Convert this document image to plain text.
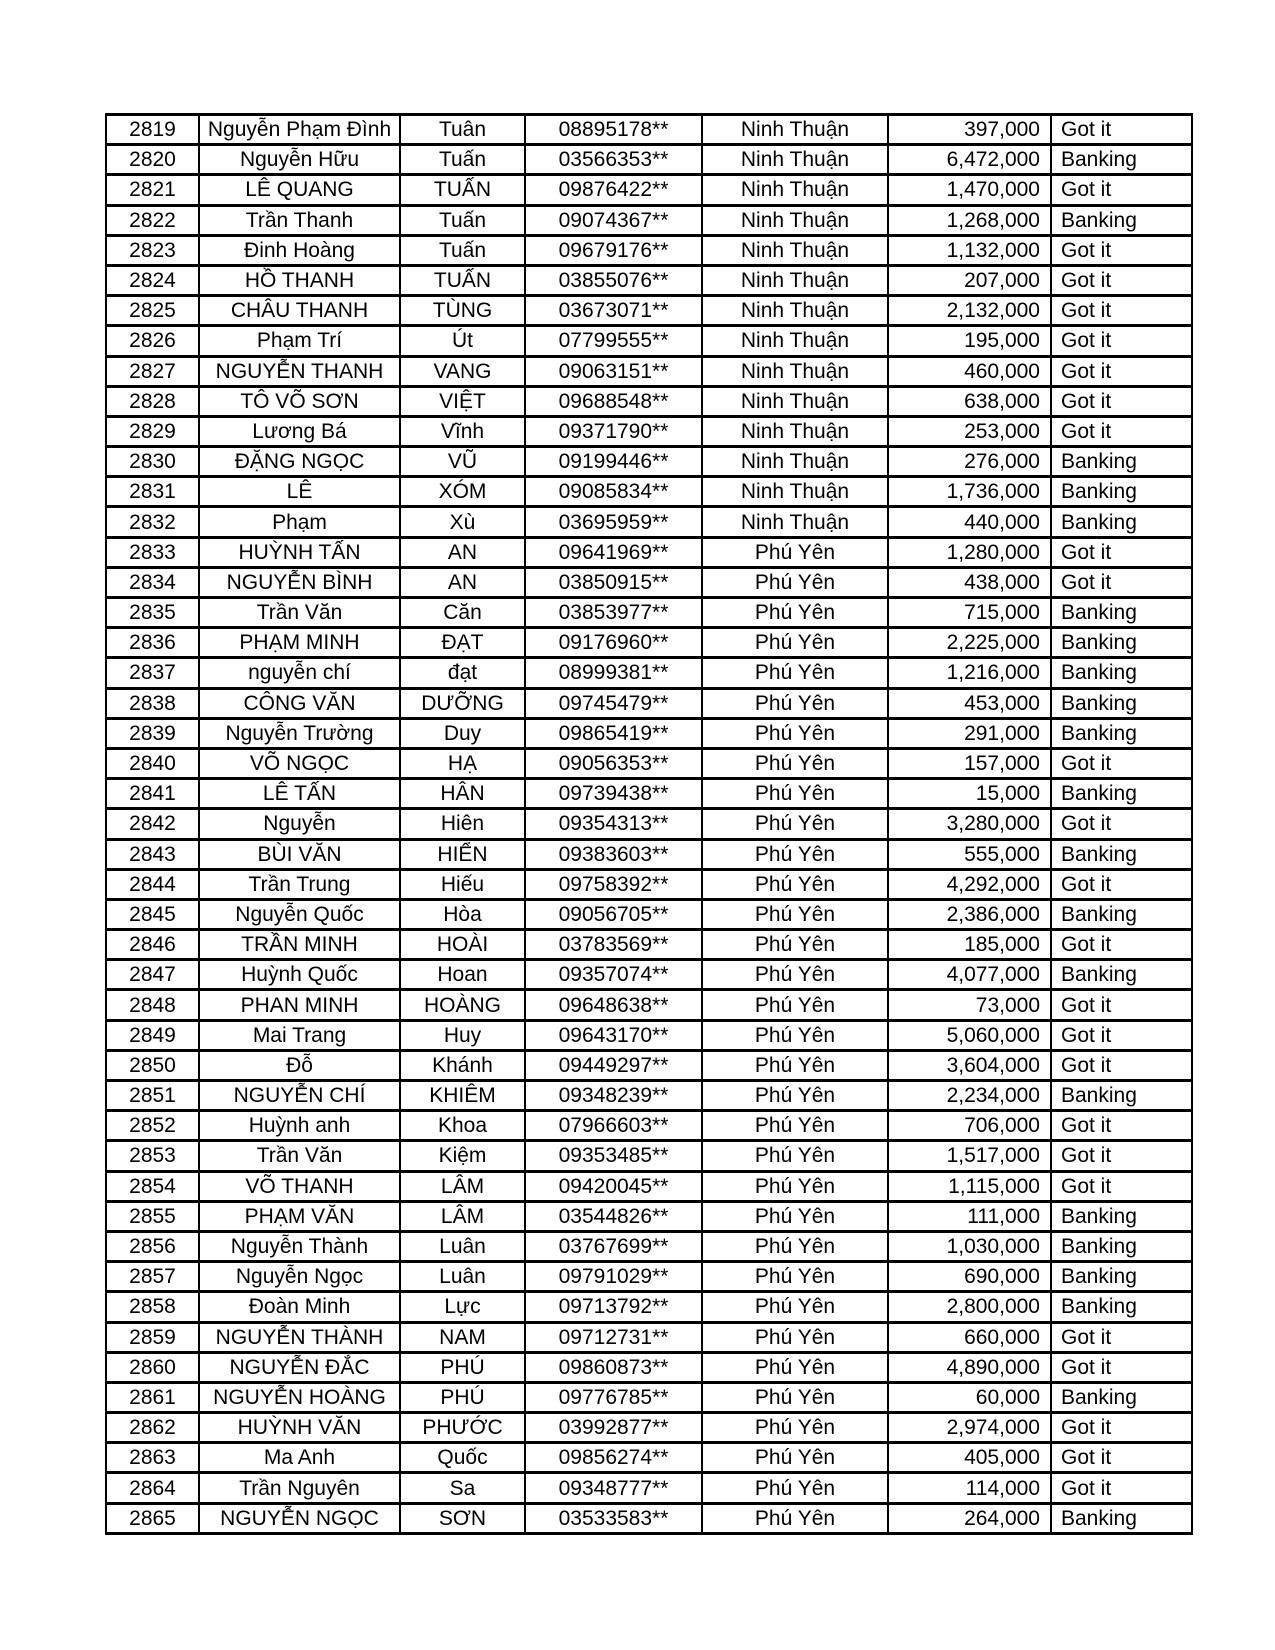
2819	Nguyễn Phạm Đình	Tuân	08895178**	Ninh Thuận	397,000	Got it
2820	Nguyễn Hữu	Tuấn	03566353**	Ninh Thuận	6,472,000	Banking
2821	LÊ QUANG	TUẤN	09876422**	Ninh Thuận	1,470,000	Got it
2822	Trần Thanh	Tuấn	09074367**	Ninh Thuận	1,268,000	Banking
2823	Đinh Hoàng	Tuấn	09679176**	Ninh Thuận	1,132,000	Got it
2824	HỒ THANH	TUẤN	03855076**	Ninh Thuận	207,000	Got it
2825	CHÂU THANH	TÙNG	03673071**	Ninh Thuận	2,132,000	Got it
2826	Phạm Trí	Út	07799555**	Ninh Thuận	195,000	Got it
2827	NGUYỄN THANH	VANG	09063151**	Ninh Thuận	460,000	Got it
2828	TÔ VÕ SƠN	VIỆT	09688548**	Ninh Thuận	638,000	Got it
2829	Lương Bá	Vĩnh	09371790**	Ninh Thuận	253,000	Got it
2830	ĐẶNG NGỌC	VŨ	09199446**	Ninh Thuận	276,000	Banking
2831	LÊ	XÓM	09085834**	Ninh Thuận	1,736,000	Banking
2832	Phạm	Xù	03695959**	Ninh Thuận	440,000	Banking
2833	HUỲNH TẤN	AN	09641969**	Phú Yên	1,280,000	Got it
2834	NGUYỄN BÌNH	AN	03850915**	Phú Yên	438,000	Got it
2835	Trần Văn	Căn	03853977**	Phú Yên	715,000	Banking
2836	PHẠM MINH	ĐẠT	09176960**	Phú Yên	2,225,000	Banking
2837	nguyễn chí	đạt	08999381**	Phú Yên	1,216,000	Banking
2838	CÔNG VĂN	DƯỠNG	09745479**	Phú Yên	453,000	Banking
2839	Nguyễn Trường	Duy	09865419**	Phú Yên	291,000	Banking
2840	VÕ NGỌC	HẠ	09056353**	Phú Yên	157,000	Got it
2841	LÊ TẤN	HÂN	09739438**	Phú Yên	15,000	Banking
2842	Nguyễn	Hiên	09354313**	Phú Yên	3,280,000	Got it
2843	BÙI VĂN	HIỂN	09383603**	Phú Yên	555,000	Banking
2844	Trần Trung	Hiếu	09758392**	Phú Yên	4,292,000	Got it
2845	Nguyễn Quốc	Hòa	09056705**	Phú Yên	2,386,000	Banking
2846	TRẦN MINH	HOÀI	03783569**	Phú Yên	185,000	Got it
2847	Huỳnh Quốc	Hoan	09357074**	Phú Yên	4,077,000	Banking
2848	PHAN MINH	HOÀNG	09648638**	Phú Yên	73,000	Got it
2849	Mai Trang	Huy	09643170**	Phú Yên	5,060,000	Got it
2850	Đỗ	Khánh	09449297**	Phú Yên	3,604,000	Got it
2851	NGUYỄN CHÍ	KHIÊM	09348239**	Phú Yên	2,234,000	Banking
2852	Huỳnh anh	Khoa	07966603**	Phú Yên	706,000	Got it
2853	Trần Văn	Kiệm	09353485**	Phú Yên	1,517,000	Got it
2854	VÕ THANH	LÂM	09420045**	Phú Yên	1,115,000	Got it
2855	PHẠM VĂN	LÂM	03544826**	Phú Yên	111,000	Banking
2856	Nguyễn Thành	Luân	03767699**	Phú Yên	1,030,000	Banking
2857	Nguyễn Ngọc	Luân	09791029**	Phú Yên	690,000	Banking
2858	Đoàn Minh	Lực	09713792**	Phú Yên	2,800,000	Banking
2859	NGUYỄN THÀNH	NAM	09712731**	Phú Yên	660,000	Got it
2860	NGUYỄN ĐẮC	PHÚ	09860873**	Phú Yên	4,890,000	Got it
2861	NGUYỄN HOÀNG	PHÚ	09776785**	Phú Yên	60,000	Banking
2862	HUỲNH VĂN	PHƯỚC	03992877**	Phú Yên	2,974,000	Got it
2863	Ma Anh	Quốc	09856274**	Phú Yên	405,000	Got it
2864	Trần Nguyên	Sa	09348777**	Phú Yên	114,000	Got it
2865	NGUYỄN NGỌC	SƠN	03533583**	Phú Yên	264,000	Banking
